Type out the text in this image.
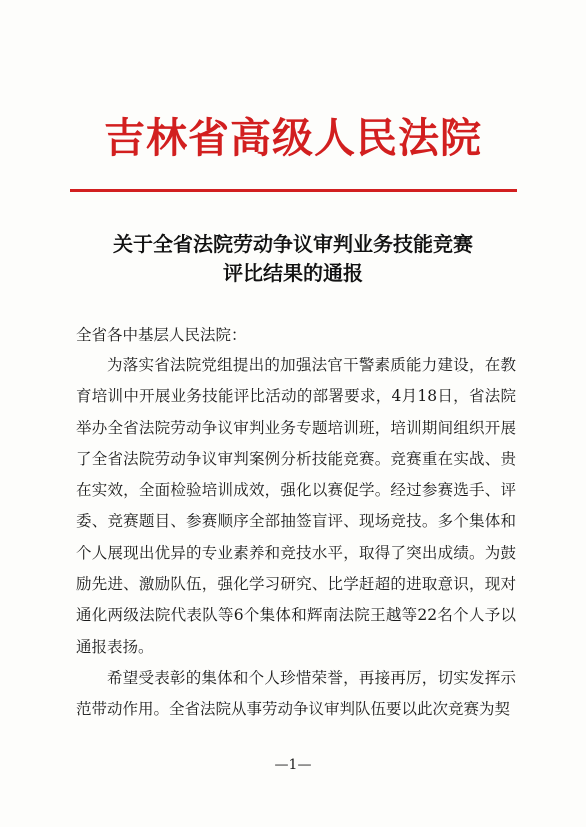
吉林省高级人民法院
关于全省法院劳动争议审判业务技能竞赛
评比结果的通报
全省各中基层人民法院：
为落实省法院党组提出的加强法官干警素质能力建设，在教育培训中开展业务技能评比活动的部署要求，4月18日，省法院举办全省法院劳动争议审判业务专题培训班，培训期间组织开展了全省法院劳动争议审判案例分析技能竞赛。竞赛重在实战、贵在实效，全面检验培训成效，强化以赛促学。经过参赛选手、评委、竞赛题目、参赛顺序全部抽签盲评、现场竞技。多个集体和个人展现出优异的专业素养和竞技水平，取得了突出成绩。为鼓励先进、激励队伍，强化学习研究、比学赶超的进取意识，现对通化两级法院代表队等6个集体和辉南法院王越等22名个人予以通报表扬。
希望受表彰的集体和个人珍惜荣誉，再接再厉，切实发挥示范带动作用。全省法院从事劳动争议审判队伍要以此次竞赛为契
—1—
